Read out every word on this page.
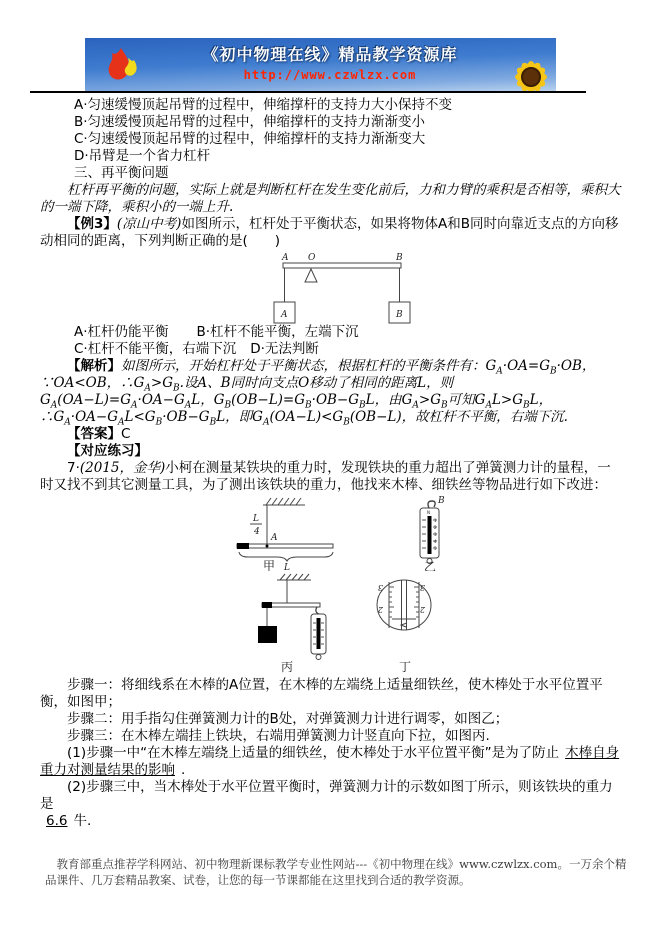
《初中物理在线》精品教学资源库
http://www.czwlzx.com

A·匀速缓慢顶起吊臂的过程中，伸缩撑杆的支持力大小保持不变

B·匀速缓慢顶起吊臂的过程中，伸缩撑杆的支持力渐渐变小

C·匀速缓慢顶起吊臂的过程中，伸缩撑杆的支持力渐渐变大

D·吊臂是一个省力杠杆

三、再平衡问题

杠杆再平衡的问题，实际上就是判断杠杆在发生变化前后，力和力臂的乘积是否相等，乘积大的一端下降，乘积小的一端上升.

【例3】(凉山中考)如图所示，杠杆处于平衡状态，如果将物体A和B同时向靠近支点的方向移动相同的距离，下列判断正确的是(　　)

A O	B
A	B

A·杠杆仍能平衡 B·杠杆不能平衡，左端下沉

C·杠杆不能平衡，右端下沉 D·无法判断

【解析】如图所示，开始杠杆处于平衡状态，根据杠杆的平衡条件有：$G_A\cdot OA=G_B\cdot OB$，∵OA<OB，$\therefore G_A>G_B$.设A、B同时向支点O移动了相同的距离L，则$G_A(OA-L)=G_A\cdot OA-G_AL$，$G_B(OB-L)=G_B\cdot OB-G_BL$，由$G_A>G_B$可知$G_AL>G_BL$，$\therefore G_A\cdot OA-G_AL<G_B\cdot OB-G_BL$，即$G_A(OA-L)<G_B(OB-L)$，故杠杆不平衡，右端下沉.

【答案】C

【对应练习】

7·(2015，金华)小柯在测量某铁块的重力时，发现铁块的重力超出了弹簧测力计的量程，一时又找不到其它测量工具，为了测出该铁块的重力，他找来木棒、细铁丝等物品进行如下改进：

L
4
A
L
甲
B
N
1
2
3
4
5
乙
丙
3	3
2	2
丁

步骤一：将细线系在木棒的A位置，在木棒的左端绕上适量细铁丝，使木棒处于水平位置平衡，如图甲；

步骤二：用手指勾住弹簧测力计的B处，对弹簧测力计进行调零，如图乙；

步骤三：在木棒左端挂上铁块，右端用弹簧测力计竖直向下拉，如图丙.

(1)步骤一中“在木棒左端绕上适量的细铁丝，使木棒处于水平位置平衡”是为了防止 木棒自身重力对测量结果的影响 .

(2)步骤三中，当木棒处于水平位置平衡时，弹簧测力计的示数如图丁所示，则该铁块的重力是

6.6 牛.

教育部重点推荐学科网站、初中物理新课标教学专业性网站---《初中物理在线》www.czwlzx.com。一万余个精品课件、几万套精品教案、试卷，让您的每一节课都能在这里找到合适的教学资源。
